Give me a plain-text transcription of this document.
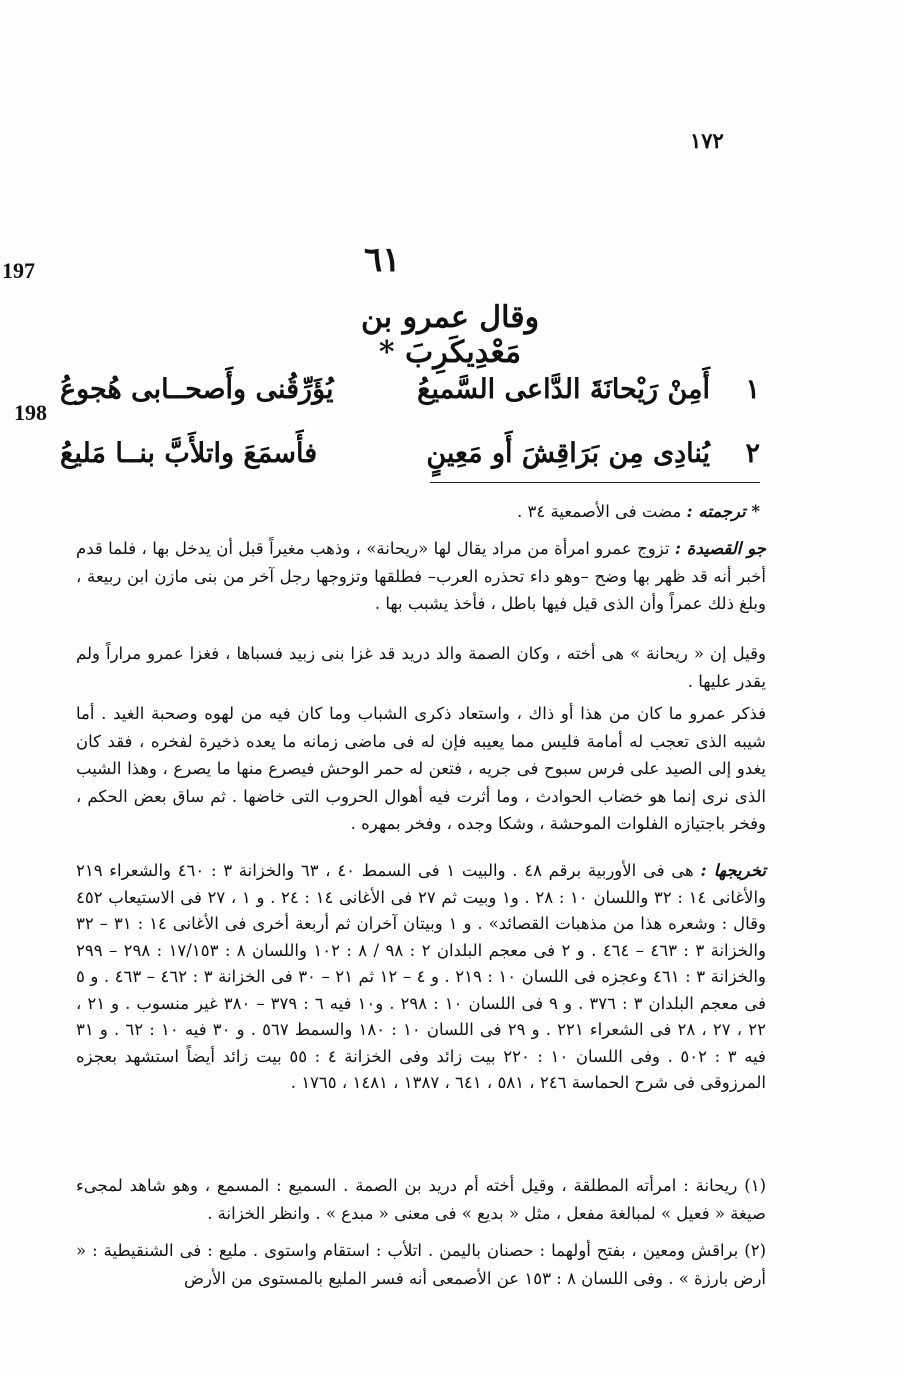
١٧٢
197
198
٦١
وقال عمرو بن مَعْدِيكَرِبَ *
١
أَمِنْ رَيْحانَةَ الدَّاعى السَّميعُ
يُؤَرِّقُنى وأَصحــابى هُجوعُ
٢
يُنادِى مِن بَرَاقِشَ أَو مَعِينٍ
فأَسمَعَ واتلأَبَّ بنــا مَليعُ
* ترجمته : مضت فى الأصمعية ٣٤ .
جو القصيدة : تزوج عمرو امرأة من مراد يقال لها «ريحانة» ، وذهب مغيراً قبل أن يدخل بها ، فلما قدم أخبر أنه قد ظهر بها وضح –وهو داء تحذره العرب– فطلقها وتزوجها رجل آخر من بنى مازن ابن ربيعة ، وبلغ ذلك عمراً وأن الذى قيل فيها باطل ، فأخذ يشبب بها .
وقيل إن « ريحانة » هى أخته ، وكان الصمة والد دريد قد غزا بنى زبيد فسباها ، فغزا عمرو مراراً ولم يقدر عليها .
فذكر عمرو ما كان من هذا أو ذاك ، واستعاد ذكرى الشباب وما كان فيه من لهوه وصحبة الغيد . أما شيبه الذى تعجب له أمامة فليس مما يعيبه فإن له فى ماضى زمانه ما يعده ذخيرة لفخره ، فقد كان يغدو إلى الصيد على فرس سبوح فى جريه ، فتعن له حمر الوحش فيصرع منها ما يصرع ، وهذا الشيب الذى نرى إنما هو خضاب الحوادث ، وما أثرت فيه أهوال الحروب التى خاضها . ثم ساق بعض الحكم ، وفخر باجتيازه الفلوات الموحشة ، وشكا وجده ، وفخر بمهره .
تخريجها : هى فى الأوربية برقم ٤٨ . والبيت ١ فى السمط ٤٠ ، ٦٣ والخزانة ٣ : ٤٦٠ والشعراء ٢١٩ والأغانى ١٤ : ٣٢ واللسان ١٠ : ٢٨ . و١ وبيت ثم ٢٧ فى الأغانى ١٤ : ٢٤ . و ١ ، ٢٧ فى الاستيعاب ٤٥٢ وقال : وشعره هذا من مذهبات القصائد» . و ١ وبيتان آخران ثم أربعة أخرى فى الأغانى ١٤ : ٣١ – ٣٢ والخزانة ٣ : ٤٦٣ – ٤٦٤ . و ٢ فى معجم البلدان ٢ : ٩٨ / ٨ : ١٠٢ واللسان ٨ : ١٧/١٥٣ : ٢٩٨ – ٢٩٩ والخزانة ٣ : ٤٦١ وعجزه فى اللسان ١٠ : ٢١٩ . و ٤ – ١٢ ثم ٢١ – ٣٠ فى الخزانة ٣ : ٤٦٢ – ٤٦٣ . و ٥ فى معجم البلدان ٣ : ٣٧٦ . و ٩ فى اللسان ١٠ : ٢٩٨ . و١٠ فيه ٦ : ٣٧٩ – ٣٨٠ غير منسوب . و ٢١ ، ٢٢ ، ٢٧ ، ٢٨ فى الشعراء ٢٢١ . و ٢٩ فى اللسان ١٠ : ١٨٠ والسمط ٥٦٧ . و ٣٠ فيه ١٠ : ٦٢ . و ٣١ فيه ٣ : ٥٠٢ . وفى اللسان ١٠ : ٢٢٠ بيت زائد وفى الخزانة ٤ : ٥٥ بيت زائد أيضاً استشهد بعجزه المرزوقى فى شرح الحماسة ٢٤٦ ، ٥٨١ ، ٦٤١ ، ١٣٨٧ ، ١٤٨١ ، ١٧٦٥ .
(١) ريحانة : امرأته المطلقة ، وقيل أخته أم دريد بن الصمة . السميع : المسمع ، وهو شاهد لمجىء صيغة « فعيل » لمبالغة مفعل ، مثل « بديع » فى معنى « مبدع » . وانظر الخزانة .
(٢) براقش ومعين ، بفتح أولهما : حصنان باليمن . اتلأب : استقام واستوى . مليع : فى الشنقيطية : « أرض بارزة » . وفى اللسان ٨ : ١٥٣ عن الأصمعى أنه فسر المليع بالمستوى من الأرض
